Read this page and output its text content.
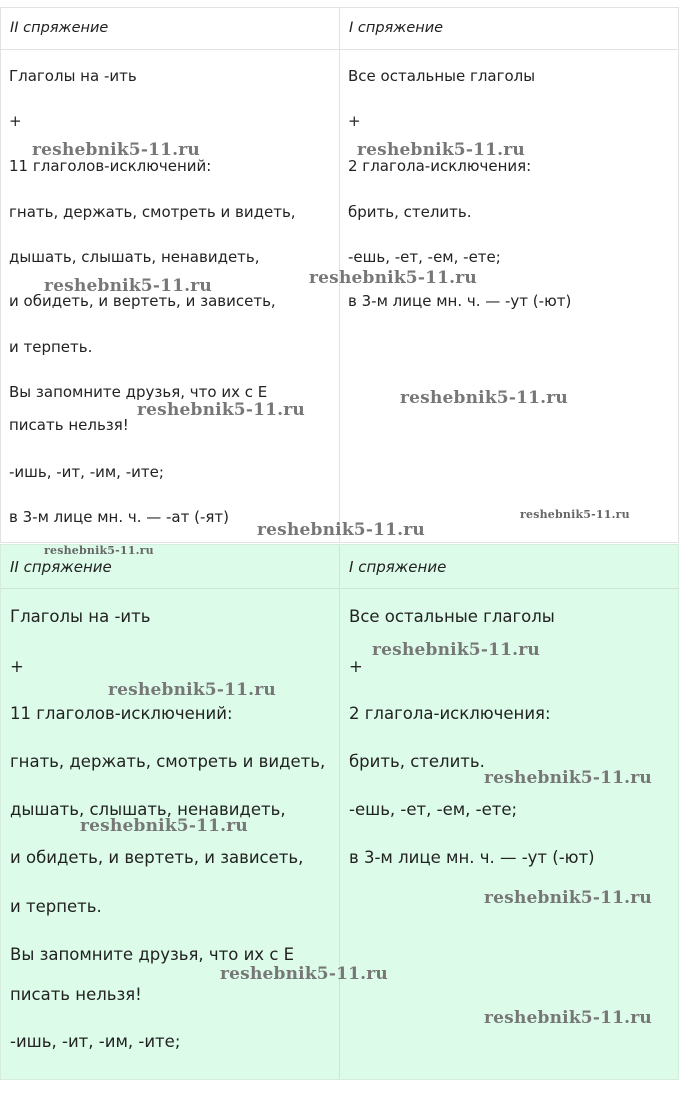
II спряжение
Глаголы на -ить
+
11 глаголов-исключений:
гнать, держать, смотреть и видеть,
дышать, слышать, ненавидеть,
и обидеть, и вертеть, и зависеть,
и терпеть.
Вы запомните друзья, что их с Е
писать нельзя!
-ишь, -ит, -им, -ите;
в 3-м лице мн. ч. — -ат (-ят)
I спряжение
Все остальные глаголы
+
2 глагола-исключения:
брить, стелить.
-ешь, -ет, -ем, -ете;
в 3-м лице мн. ч. — -ут (-ют)
II спряжение
Глаголы на -ить
+
11 глаголов-исключений:
гнать, держать, смотреть и видеть,
дышать, слышать, ненавидеть,
и обидеть, и вертеть, и зависеть,
и терпеть.
Вы запомните друзья, что их с Е
писать нельзя!
-ишь, -ит, -им, -ите;
I спряжение
Все остальные глаголы
+
2 глагола-исключения:
брить, стелить.
-ешь, -ет, -ем, -ете;
в 3-м лице мн. ч. — -ут (-ют)
reshebnik5-11.ru	reshebnik5-11.ru
reshebnik5-11.ru	reshebnik5-11.ru
reshebnik5-11.ru
reshebnik5-11.ru
reshebnik5-11.ru
reshebnik5-11.ru
reshebnik5-11.ru
reshebnik5-11.ru
reshebnik5-11.ru
reshebnik5-11.ru
reshebnik5-11.ru
reshebnik5-11.ru
reshebnik5-11.ru
reshebnik5-11.ru
